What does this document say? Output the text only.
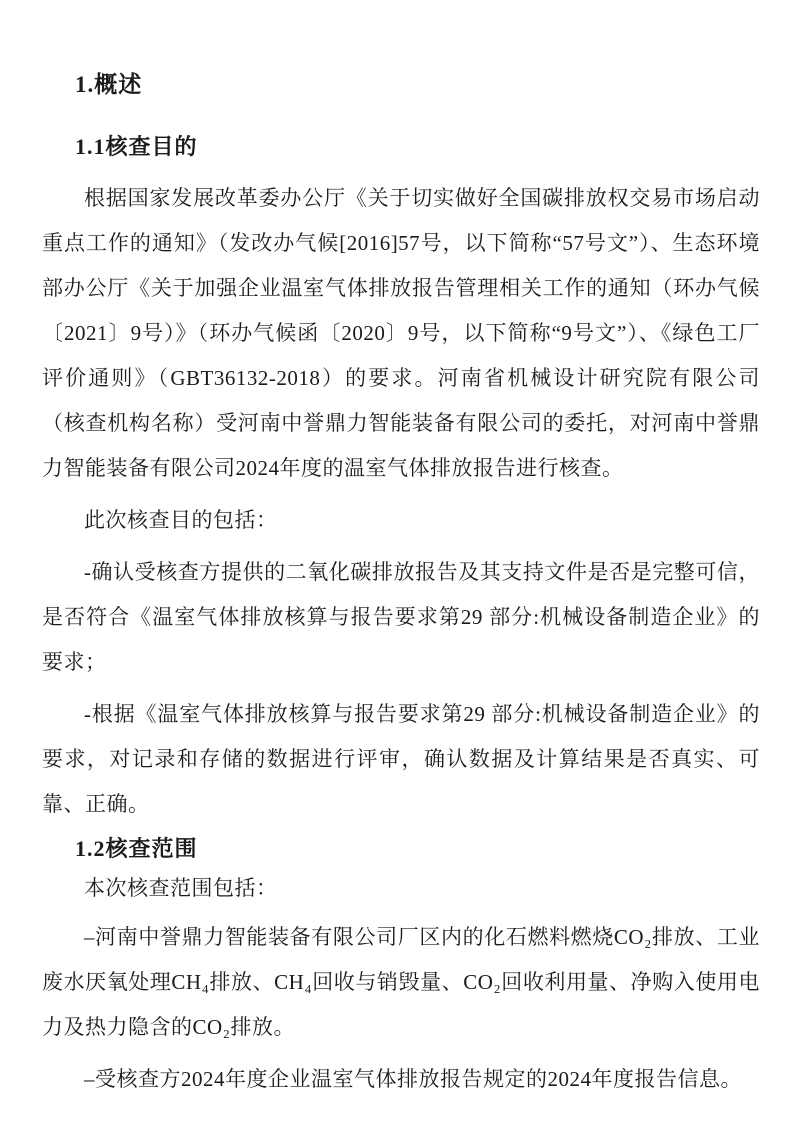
1.概述
1.1核查目的
根据国家发展改革委办公厅《关于切实做好全国碳排放权交易市场启动重点工作的通知》（发改办气候[2016]57号，以下简称“57号文”）、生态环境部办公厅《关于加强企业温室气体排放报告管理相关工作的通知（环办气候〔2021〕9号）》（环办气候函〔2020〕9号，以下简称“9号文”）、《绿色工厂评价通则》（GBT36132-2018）的要求。河南省机械设计研究院有限公司（核查机构名称）受河南中誉鼎力智能装备有限公司的委托，对河南中誉鼎力智能装备有限公司2024年度的温室气体排放报告进行核查。
此次核查目的包括：
-确认受核查方提供的二氧化碳排放报告及其支持文件是否是完整可信，是否符合《温室气体排放核算与报告要求第29 部分:机械设备制造企业》的要求；
-根据《温室气体排放核算与报告要求第29 部分:机械设备制造企业》的要求，对记录和存储的数据进行评审，确认数据及计算结果是否真实、可靠、正确。
1.2核查范围
本次核查范围包括：
–河南中誉鼎力智能装备有限公司厂区内的化石燃料燃烧CO₂排放、工业废水厌氧处理CH₄排放、CH₄回收与销毁量、CO₂回收利用量、净购入使用电力及热力隐含的CO₂排放。
–受核查方2024年度企业温室气体排放报告规定的2024年度报告信息。
